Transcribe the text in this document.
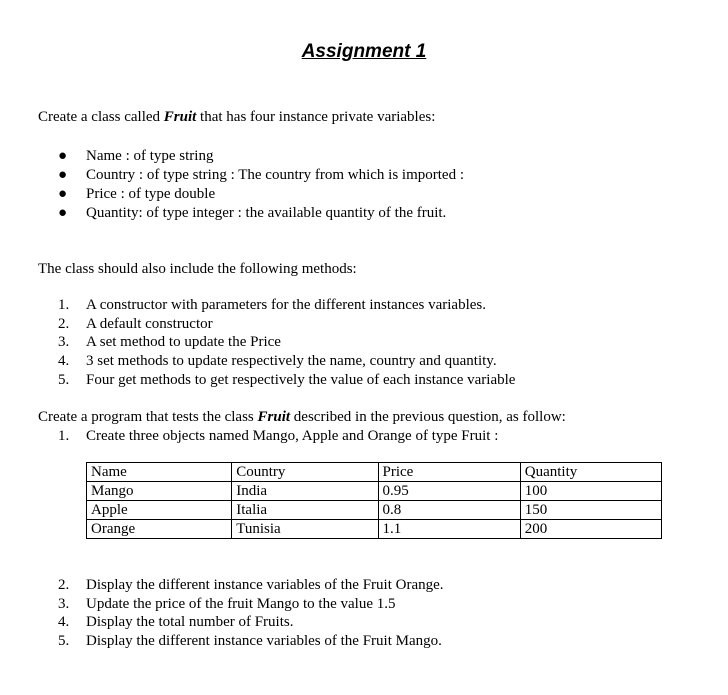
Assignment 1
Create a class called Fruit that has four instance private variables:
● Name : of type string
● Country : of type string : The country from which is imported :
● Price : of type double
● Quantity: of type integer : the available quantity of the fruit.
The class should also include the following methods:
1. A constructor with parameters for the different instances variables.
2. A default constructor
3. A set method to update the Price
4. 3 set methods to update respectively the name, country and quantity.
5. Four get methods to get respectively the value of each instance variable
Create a program that tests the class Fruit described in the previous question, as follow:
1. Create three objects named Mango, Apple and Orange of type Fruit :
Name	Country	Price	Quantity
Mango	India	0.95	100
Apple	Italia	0.8	150
Orange	Tunisia	1.1	200
2. Display the different instance variables of the Fruit Orange.
3. Update the price of the fruit Mango to the value 1.5
4. Display the total number of Fruits.
5. Display the different instance variables of the Fruit Mango.
